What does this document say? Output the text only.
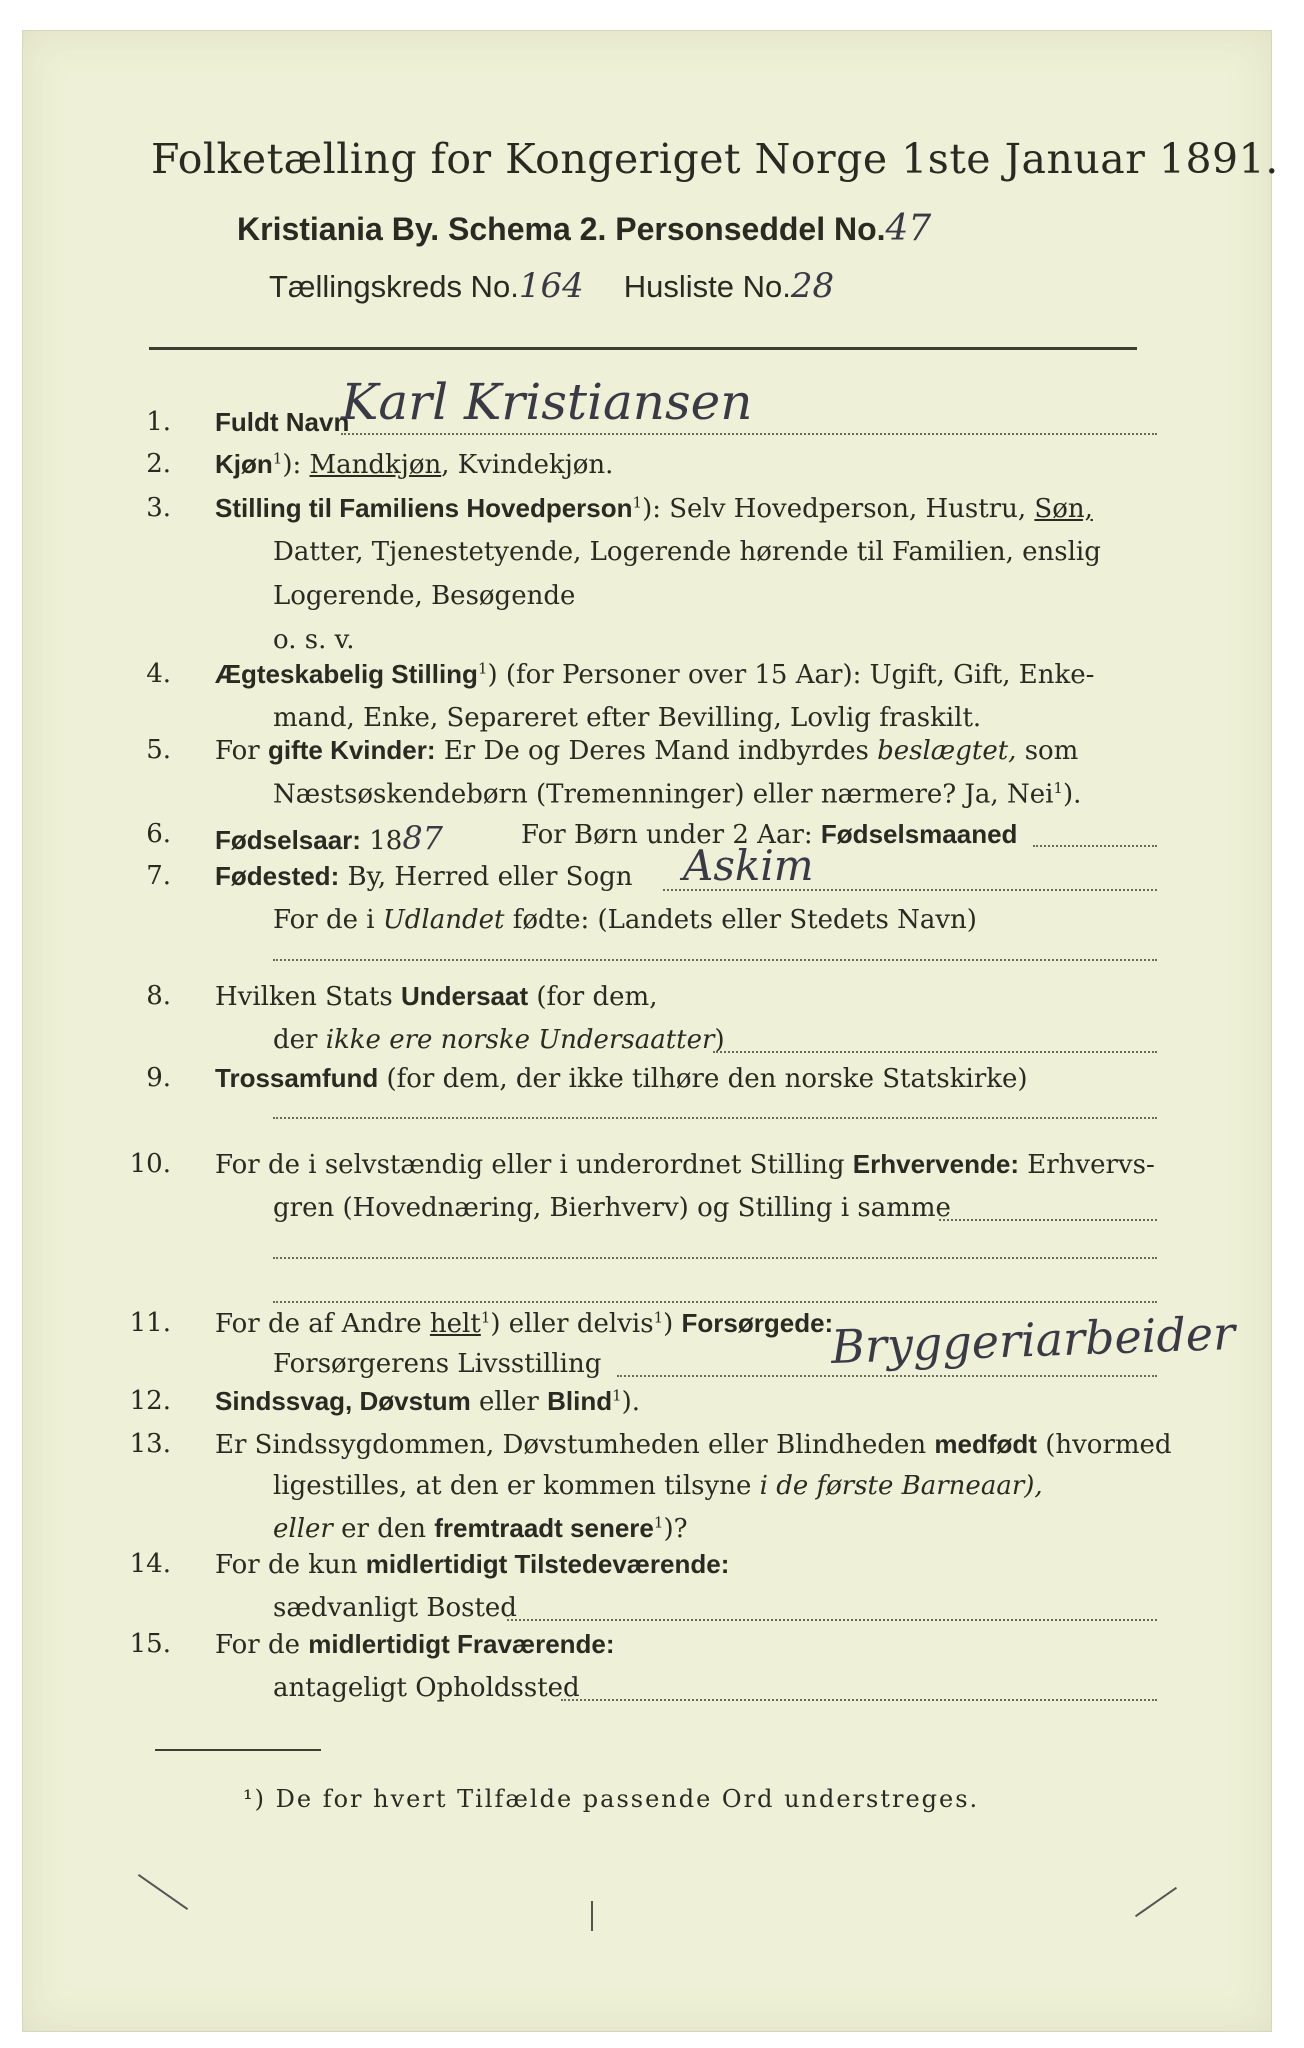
Folketælling for Kongeriget Norge 1ste Januar 1891.
Kristiania By. Schema 2. Personseddel No.47
Tællingskreds No.164 Husliste No.28
1.
2.
3.
4.
5.
6.
7.
8.
9.
10.
11.
12.
13.
14.
15.
Fuldt Navn
Karl Kristiansen
Kjøn$^1$): Mandkjøn, Kvindekjøn.
Stilling til Familiens Hovedperson$^1$): Selv Hovedperson, Hustru, Søn,
Datter, Tjenestetyende, Logerende hørende til Familien, enslig
Logerende, Besøgende
o. s. v.
Ægteskabelig Stilling$^1$) (for Personer over 15 Aar): Ugift, Gift, Enke-
mand, Enke, Separeret efter Bevilling, Lovlig fraskilt.
For gifte Kvinder: Er De og Deres Mand indbyrdes beslægtet, som
Næstsøskendebørn (Tremenninger) eller nærmere? Ja, Nei$^1$).
Fødselsaar: 1887	For Børn under 2 Aar: Fødselsmaaned
Fødested: By, Herred eller Sogn Askim
For de i Udlandet fødte: (Landets eller Stedets Navn)
Hvilken Stats Undersaat (for dem,
der ikke ere norske Undersaatter)
Trossamfund (for dem, der ikke tilhøre den norske Statskirke)
For de i selvstændig eller i underordnet Stilling Erhvervende: Erhvervs-
gren (Hovednæring, Bierhverv) og Stilling i samme
For de af Andre helt$^1$) eller delvis$^1$) Forsørgede:
Forsørgerens Livsstilling	Bryggeriarbeider
Sindssvag, Døvstum eller Blind$^1$).
Er Sindssygdommen, Døvstumheden eller Blindheden medfødt (hvormed
ligestilles, at den er kommen tilsyne i de første Barneaar),
eller er den fremtraadt senere$^1$)?
For de kun midlertidigt Tilstedeværende:
sædvanligt Bosted
For de midlertidigt Fraværende:
antageligt Opholdssted
¹) De for hvert Tilfælde passende Ord understreges.
